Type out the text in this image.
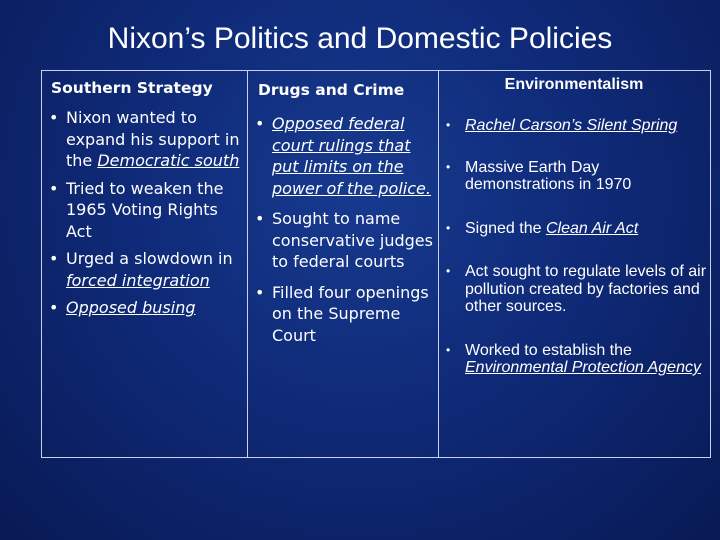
Nixon’s Politics and Domestic Policies
Southern Strategy	Drugs and Crime	Environmentalism
• Nixon wanted to expand his support in the Democratic south
• Tried to weaken the 1965 Voting Rights Act
• Urged a slowdown in forced integration
• Opposed busing
• Opposed federal court rulings that put limits on the power of the police.
• Sought to name conservative judges to federal courts
• Filled four openings on the Supreme Court
• Rachel Carson’s Silent Spring
• Massive Earth Day demonstrations in 1970
• Signed the Clean Air Act
• Act sought to regulate levels of air pollution created by factories and other sources.
• Worked to establish the Environmental Protection Agency
